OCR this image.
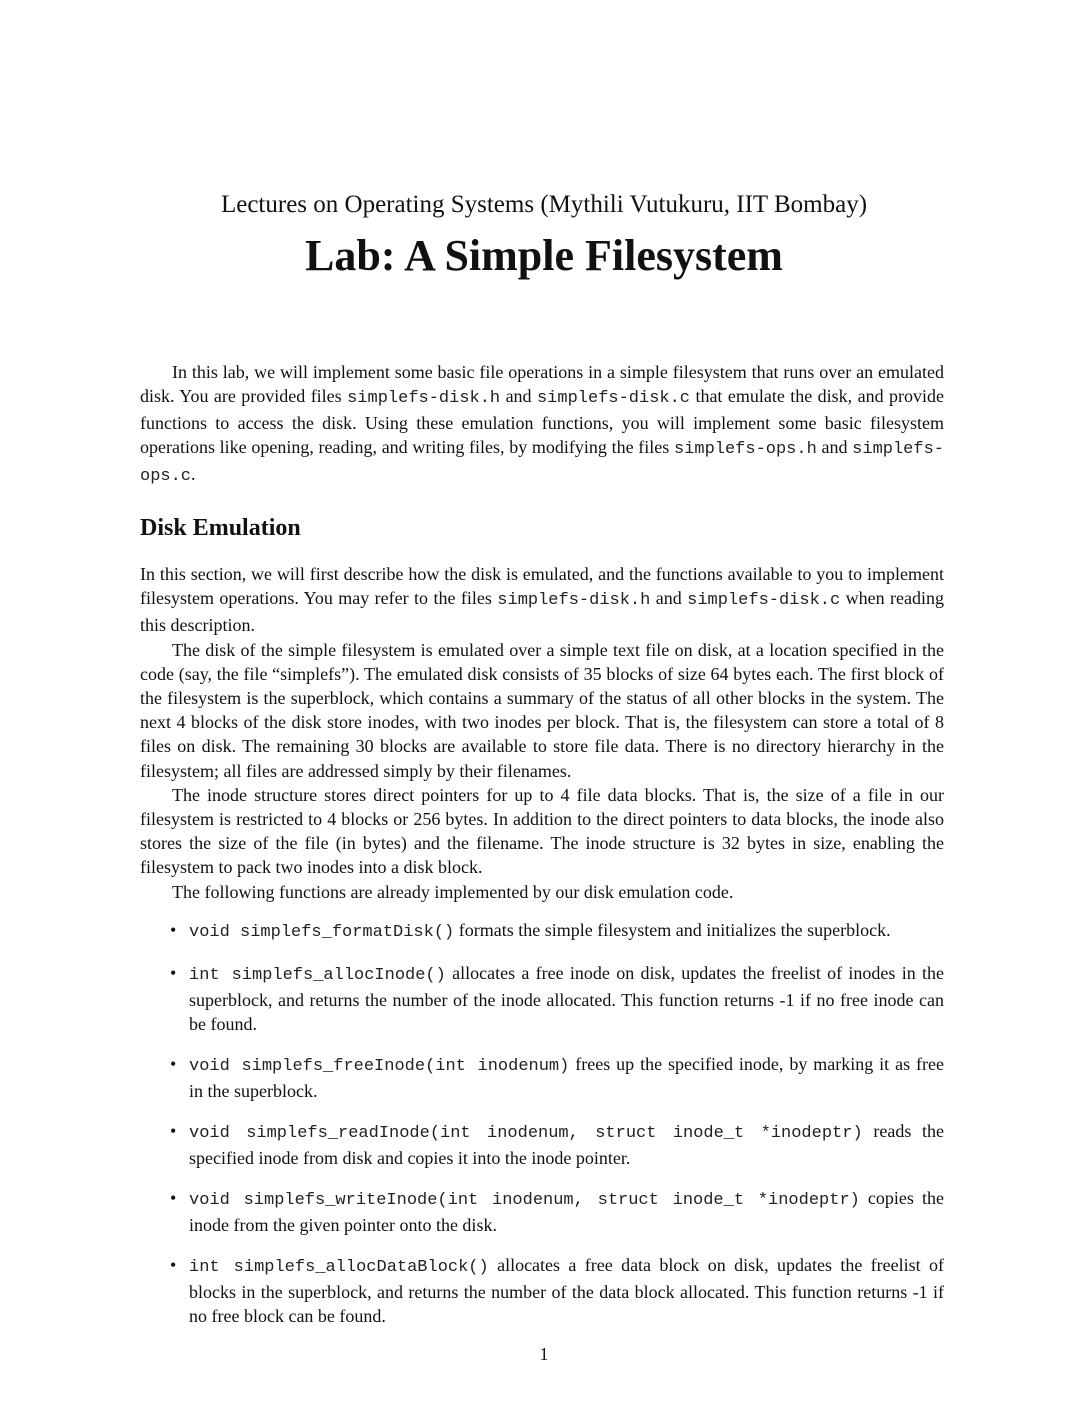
Lectures on Operating Systems (Mythili Vutukuru, IIT Bombay)
Lab: A Simple Filesystem

In this lab, we will implement some basic file operations in a simple filesystem that runs over an emulated disk. You are provided files simplefs-disk.h and simplefs-disk.c that emulate the disk, and provide functions to access the disk. Using these emulation functions, you will implement some basic filesystem operations like opening, reading, and writing files, by modifying the files simplefs-ops.h and simplefs-ops.c.

Disk Emulation

In this section, we will first describe how the disk is emulated, and the functions available to you to implement filesystem operations. You may refer to the files simplefs-disk.h and simplefs-disk.c when reading this description.

The disk of the simple filesystem is emulated over a simple text file on disk, at a location specified in the code (say, the file “simplefs”). The emulated disk consists of 35 blocks of size 64 bytes each. The first block of the filesystem is the superblock, which contains a summary of the status of all other blocks in the system. The next 4 blocks of the disk store inodes, with two inodes per block. That is, the filesystem can store a total of 8 files on disk. The remaining 30 blocks are available to store file data. There is no directory hierarchy in the filesystem; all files are addressed simply by their filenames.

The inode structure stores direct pointers for up to 4 file data blocks. That is, the size of a file in our filesystem is restricted to 4 blocks or 256 bytes. In addition to the direct pointers to data blocks, the inode also stores the size of the file (in bytes) and the filename. The inode structure is 32 bytes in size, enabling the filesystem to pack two inodes into a disk block.

The following functions are already implemented by our disk emulation code.

• void simplefs_formatDisk() formats the simple filesystem and initializes the superblock.
• int simplefs_allocInode() allocates a free inode on disk, updates the freelist of inodes in the superblock, and returns the number of the inode allocated. This function returns -1 if no free inode can be found.
• void simplefs_freeInode(int inodenum) frees up the specified inode, by marking it as free in the superblock.
• void simplefs_readInode(int inodenum, struct inode_t *inodeptr) reads the specified inode from disk and copies it into the inode pointer.
• void simplefs_writeInode(int inodenum, struct inode_t *inodeptr) copies the inode from the given pointer onto the disk.
• int simplefs_allocDataBlock() allocates a free data block on disk, updates the freelist of blocks in the superblock, and returns the number of the data block allocated. This function returns -1 if no free block can be found.
1
